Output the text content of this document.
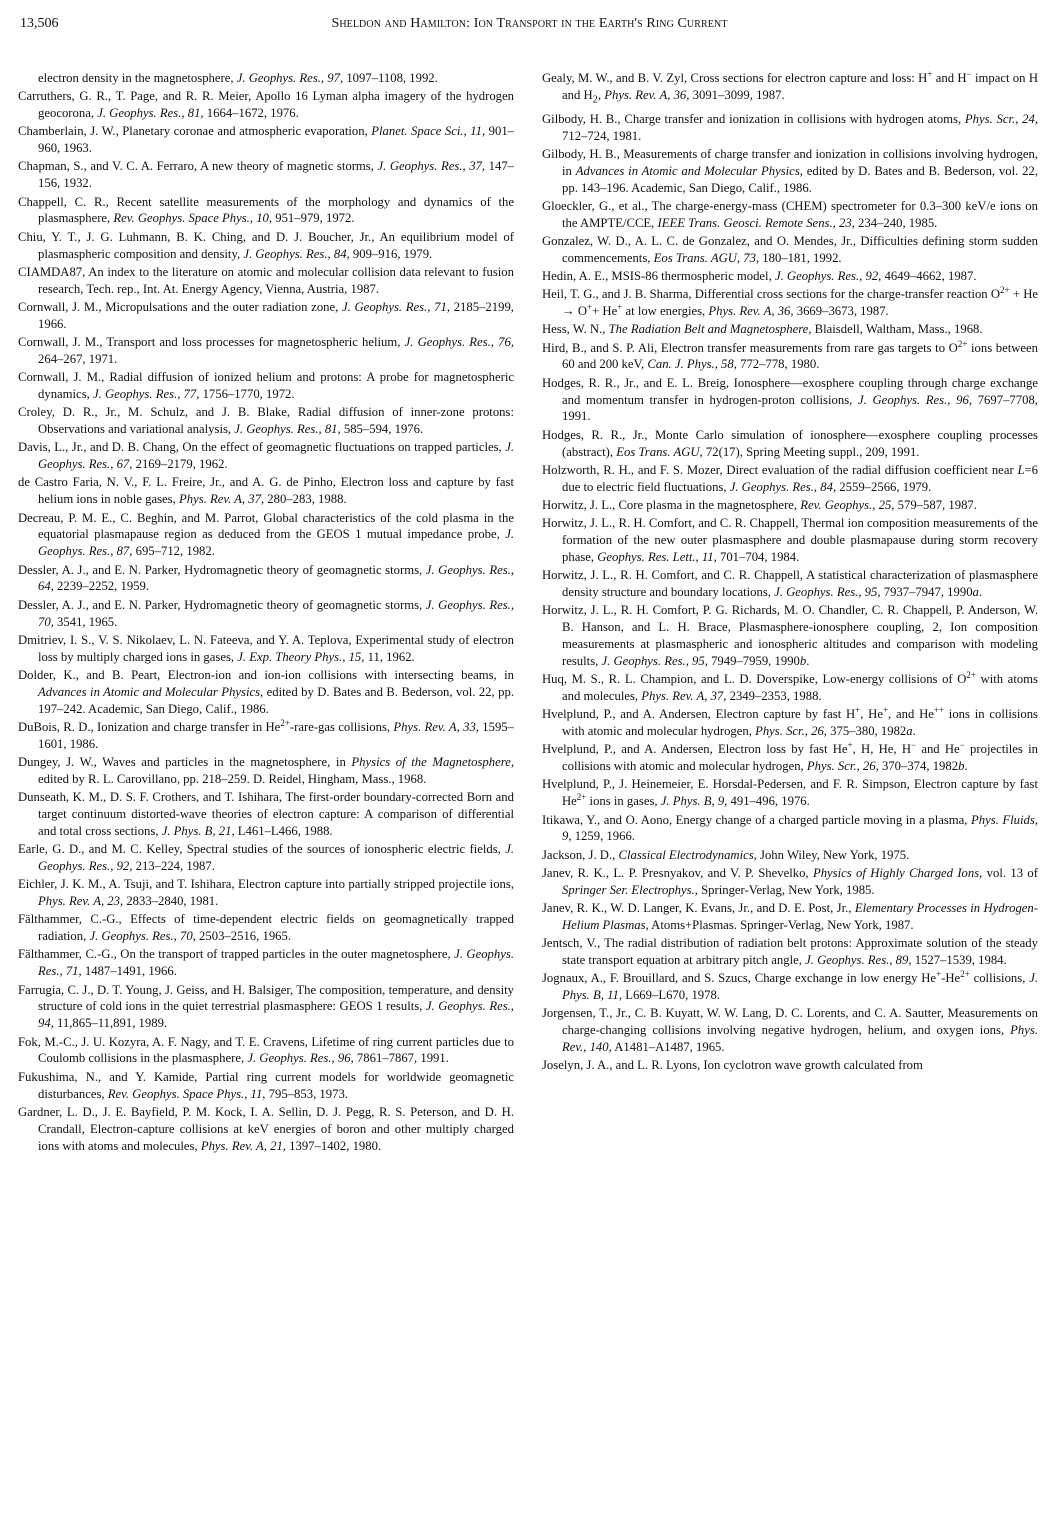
13,506	Sheldon and Hamilton: Ion Transport in the Earth's Ring Current

electron density in the magnetosphere, J. Geophys. Res., 97, 1097–1108, 1992.

Carruthers, G. R., T. Page, and R. R. Meier, Apollo 16 Lyman alpha imagery of the hydrogen geocorona, J. Geophys. Res., 81, 1664–1672, 1976.

Chamberlain, J. W., Planetary coronae and atmospheric evaporation, Planet. Space Sci., 11, 901–960, 1963.

Chapman, S., and V. C. A. Ferraro, A new theory of magnetic storms, J. Geophys. Res., 37, 147–156, 1932.

Chappell, C. R., Recent satellite measurements of the morphology and dynamics of the plasmasphere, Rev. Geophys. Space Phys., 10, 951–979, 1972.

Chiu, Y. T., J. G. Luhmann, B. K. Ching, and D. J. Boucher, Jr., An equilibrium model of plasmaspheric composition and density, J. Geophys. Res., 84, 909–916, 1979.

CIAMDA87, An index to the literature on atomic and molecular collision data relevant to fusion research, Tech. rep., Int. At. Energy Agency, Vienna, Austria, 1987.

Cornwall, J. M., Micropulsations and the outer radiation zone, J. Geophys. Res., 71, 2185–2199, 1966.

Cornwall, J. M., Transport and loss processes for magnetospheric helium, J. Geophys. Res., 76, 264–267, 1971.

Cornwall, J. M., Radial diffusion of ionized helium and protons: A probe for magnetospheric dynamics, J. Geophys. Res., 77, 1756–1770, 1972.

Croley, D. R., Jr., M. Schulz, and J. B. Blake, Radial diffusion of inner-zone protons: Observations and variational analysis, J. Geophys. Res., 81, 585–594, 1976.

Davis, L., Jr., and D. B. Chang, On the effect of geomagnetic fluctuations on trapped particles, J. Geophys. Res., 67, 2169–2179, 1962.

de Castro Faria, N. V., F. L. Freire, Jr., and A. G. de Pinho, Electron loss and capture by fast helium ions in noble gases, Phys. Rev. A, 37, 280–283, 1988.

Decreau, P. M. E., C. Beghin, and M. Parrot, Global characteristics of the cold plasma in the equatorial plasmapause region as deduced from the GEOS 1 mutual impedance probe, J. Geophys. Res., 87, 695–712, 1982.

Dessler, A. J., and E. N. Parker, Hydromagnetic theory of geomagnetic storms, J. Geophys. Res., 64, 2239–2252, 1959.

Dessler, A. J., and E. N. Parker, Hydromagnetic theory of geomagnetic storms, J. Geophys. Res., 70, 3541, 1965.

Dmitriev, I. S., V. S. Nikolaev, L. N. Fateeva, and Y. A. Teplova, Experimental study of electron loss by multiply charged ions in gases, J. Exp. Theory Phys., 15, 11, 1962.

Dolder, K., and B. Peart, Electron-ion and ion-ion collisions with intersecting beams, in Advances in Atomic and Molecular Physics, edited by D. Bates and B. Bederson, vol. 22, pp. 197–242. Academic, San Diego, Calif., 1986.

DuBois, R. D., Ionization and charge transfer in $He^{2+}-rare$-gas collisions, Phys. Rev. A, 33, 1595–1601, 1986.

Dungey, J. W., Waves and particles in the magnetosphere, in Physics of the Magnetosphere, edited by R. L. Carovillano, pp. 218–259. D. Reidel, Hingham, Mass., 1968.

Dunseath, K. M., D. S. F. Crothers, and T. Ishihara, The first-order boundary-corrected Born and target continuum distorted-wave theories of electron capture: A comparison of differential and total cross sections, J. Phys. B, 21, L461–L466, 1988.

Earle, G. D., and M. C. Kelley, Spectral studies of the sources of ionospheric electric fields, J. Geophys. Res., 92, 213–224, 1987.

Eichler, J. K. M., A. Tsuji, and T. Ishihara, Electron capture into partially stripped projectile ions, Phys. Rev. A, 23, 2833–2840, 1981.

Fälthammer, C.-G., Effects of time-dependent electric fields on geomagnetically trapped radiation, J. Geophys. Res., 70, 2503–2516, 1965.

Fälthammer, C.-G., On the transport of trapped particles in the outer magnetosphere, J. Geophys. Res., 71, 1487–1491, 1966.

Farrugia, C. J., D. T. Young, J. Geiss, and H. Balsiger, The composition, temperature, and density structure of cold ions in the quiet terrestrial plasmasphere: GEOS 1 results, J. Geophys. Res., 94, 11,865–11,891, 1989.

Fok, M.-C., J. U. Kozyra, A. F. Nagy, and T. E. Cravens, Lifetime of ring current particles due to Coulomb collisions in the plasmasphere, J. Geophys. Res., 96, 7861–7867, 1991.

Fukushima, N., and Y. Kamide, Partial ring current models for worldwide geomagnetic disturbances, Rev. Geophys. Space Phys., 11, 795–853, 1973.

Gardner, L. D., J. E. Bayfield, P. M. Kock, I. A. Sellin, D. J. Pegg, R. S. Peterson, and D. H. Crandall, Electron-capture collisions at keV energies of boron and other multiply charged ions with atoms and molecules, Phys. Rev. A, 21, 1397–1402, 1980.

Gealy, M. W., and B. V. Zyl, Cross sections for electron capture and loss: H+ and H− impact on H and $H_2$, Phys. Rev. A, 36, 3091–3099, 1987.

Gilbody, H. B., Charge transfer and ionization in collisions with hydrogen atoms, Phys. Scr., 24, 712–724, 1981.

Gilbody, H. B., Measurements of charge transfer and ionization in collisions involving hydrogen, in Advances in Atomic and Molecular Physics, edited by D. Bates and B. Bederson, vol. 22, pp. 143–196. Academic, San Diego, Calif., 1986.

Gloeckler, G., et al., The charge-energy-mass (CHEM) spectrometer for 0.3–300 keV/e ions on the AMPTE/CCE, IEEE Trans. Geosci. Remote Sens., 23, 234–240, 1985.

Gonzalez, W. D., A. L. C. de Gonzalez, and O. Mendes, Jr., Difficulties defining storm sudden commencements, Eos Trans. AGU, 73, 180–181, 1992.

Hedin, A. E., MSIS-86 thermospheric model, J. Geophys. Res., 92, 4649–4662, 1987.

Heil, T. G., and J. B. Sharma, Differential cross sections for the charge-transfer reaction $O^{2+} + He \to O^++ He^+$ at low energies, Phys. Rev. A, 36, 3669–3673, 1987.

Hess, W. N., The Radiation Belt and Magnetosphere, Blaisdell, Waltham, Mass., 1968.

Hird, B., and S. P. Ali, Electron transfer measurements from rare gas targets to $O^{2+}$ ions between 60 and 200 keV, Can. J. Phys., 58, 772–778, 1980.

Hodges, R. R., Jr., and E. L. Breig, Ionosphere—exosphere coupling through charge exchange and momentum transfer in hydrogen-proton collisions, J. Geophys. Res., 96, 7697–7708, 1991.

Hodges, R. R., Jr., Monte Carlo simulation of ionosphere—exosphere coupling processes (abstract), Eos Trans. AGU, 72(17), Spring Meeting suppl., 209, 1991.

Holzworth, R. H., and F. S. Mozer, Direct evaluation of the radial diffusion coefficient near L=6 due to electric field fluctuations, J. Geophys. Res., 84, 2559–2566, 1979.

Horwitz, J. L., Core plasma in the magnetosphere, Rev. Geophys., 25, 579–587, 1987.

Horwitz, J. L., R. H. Comfort, and C. R. Chappell, Thermal ion composition measurements of the formation of the new outer plasmasphere and double plasmapause during storm recovery phase, Geophys. Res. Lett., 11, 701–704, 1984.

Horwitz, J. L., R. H. Comfort, and C. R. Chappell, A statistical characterization of plasmasphere density structure and boundary locations, J. Geophys. Res., 95, 7937–7947, 1990a.

Horwitz, J. L., R. H. Comfort, P. G. Richards, M. O. Chandler, C. R. Chappell, P. Anderson, W. B. Hanson, and L. H. Brace, Plasmasphere-ionosphere coupling, 2, Ion composition measurements at plasmaspheric and ionospheric altitudes and comparison with modeling results, J. Geophys. Res., 95, 7949–7959, 1990b.

Huq, M. S., R. L. Champion, and L. D. Doverspike, Low-energy collisions of $O^{2+}$ with atoms and molecules, Phys. Rev. A, 37, 2349–2353, 1988.

Hvelplund, P., and A. Andersen, Electron capture by fast H+, He+, and He++ ions in collisions with atomic and molecular hydrogen, Phys. Scr., 26, 375–380, 1982a.

Hvelplund, P., and A. Andersen, Electron loss by fast He+, H, He, H− and He− projectiles in collisions with atomic and molecular hydrogen, Phys. Scr., 26, 370–374, 1982b.

Hvelplund, P., J. Heinemeier, E. Horsdal-Pedersen, and F. R. Simpson, Electron capture by fast $He^{2+}$ ions in gases, J. Phys. B, 9, 491–496, 1976.

Itikawa, Y., and O. Aono, Energy change of a charged particle moving in a plasma, Phys. Fluids, 9, 1259, 1966.

Jackson, J. D., Classical Electrodynamics, John Wiley, New York, 1975.

Janev, R. K., L. P. Presnyakov, and V. P. Shevelko, Physics of Highly Charged Ions, vol. 13 of Springer Ser. Electrophys., Springer-Verlag, New York, 1985.

Janev, R. K., W. D. Langer, K. Evans, Jr., and D. E. Post, Jr., Elementary Processes in Hydrogen-Helium Plasmas, Atoms+Plasmas. Springer-Verlag, New York, 1987.

Jentsch, V., The radial distribution of radiation belt protons: Approximate solution of the steady state transport equation at arbitrary pitch angle, J. Geophys. Res., 89, 1527–1539, 1984.

Jognaux, A., F. Brouillard, and S. Szucs, Charge exchange in low energy $He^+-He^{2+}$ collisions, J. Phys. B, 11, L669–L670, 1978.

Jorgensen, T., Jr., C. B. Kuyatt, W. W. Lang, D. C. Lorents, and C. A. Sautter, Measurements on charge-changing collisions involving negative hydrogen, helium, and oxygen ions, Phys. Rev., 140, A1481–A1487, 1965.

Joselyn, J. A., and L. R. Lyons, Ion cyclotron wave growth calculated from
